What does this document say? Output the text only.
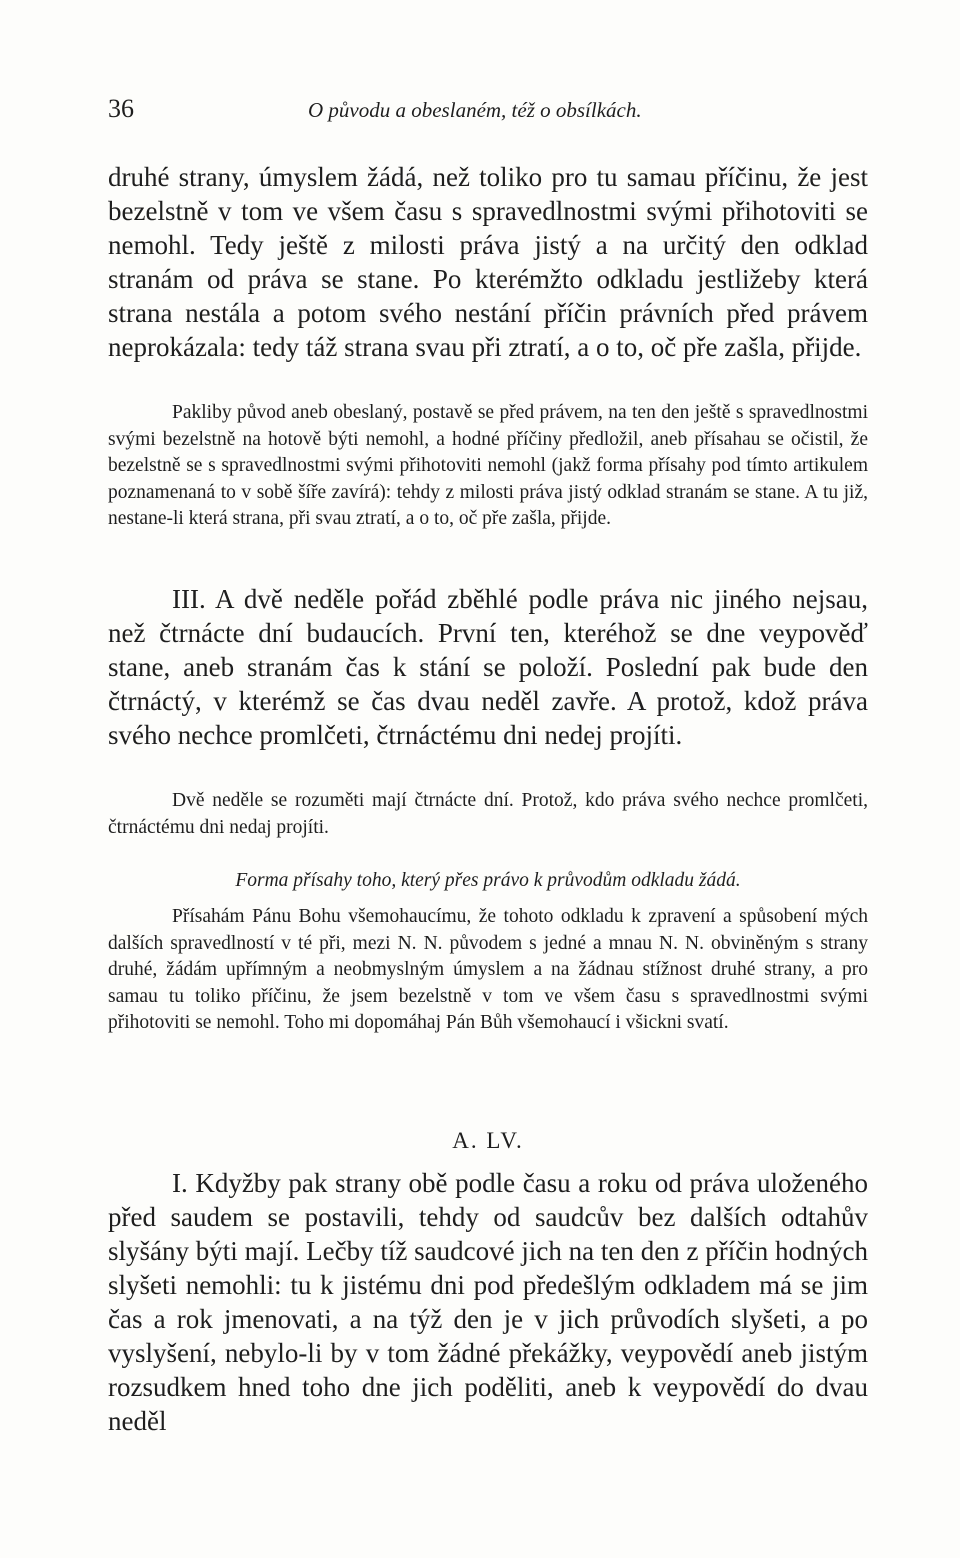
36	O původu a obeslaném, též o obsílkách.

druhé strany, úmyslem žádá, než toliko pro tu samau příčinu, že jest bezelstně v tom ve všem času s spravedlnostmi svými přihotoviti se nemohl. Tedy ještě z milosti práva jistý a na určitý den odklad stranám od práva se stane. Po kterémžto odkladu jestližeby která strana nestála a potom svého nestání příčin právních před právem neprokázala: tedy táž strana svau při ztratí, a o to, oč pře zašla, přijde.

Pakliby původ aneb obeslaný, postavě se před právem, na ten den ještě s spravedlnostmi svými bezelstně na hotově býti nemohl, a hodné příčiny předložil, aneb přísahau se očistil, že bezelstně se s spravedlnostmi svými přihotoviti nemohl (jakž forma přísahy pod tímto artikulem poznamenaná to v sobě šíře zavírá): tehdy z milosti práva jistý odklad stranám se stane. A tu již, nestane-li která strana, při svau ztratí, a o to, oč pře zašla, přijde.

III. A dvě neděle pořád zběhlé podle práva nic jiného nejsau, než čtrnácte dní budaucích. První ten, kteréhož se dne veypověď stane, aneb stranám čas k stání se položí. Poslední pak bude den čtrnáctý, v kterémž se čas dvau neděl zavře. A protož, kdož práva svého nechce promlčeti, čtrnáctému dni nedej projíti.

Dvě neděle se rozuměti mají čtrnácte dní. Protož, kdo práva svého nechce promlčeti, čtrnáctému dni nedaj projíti.

Forma přísahy toho, který přes právo k průvodům odkladu žádá.

Přísahám Pánu Bohu všemohaucímu, že tohoto odkladu k zpravení a spůsobení mých dalších spravedlností v té při, mezi N. N. původem s jedné a mnau N. N. obviněným s strany druhé, žádám upřímným a neobmyslným úmyslem a na žádnau stížnost druhé strany, a pro samau tu toliko příčinu, že jsem bezelstně v tom ve všem času s spravedlnostmi svými přihotoviti se nemohl. Toho mi dopomáhaj Pán Bůh všemohaucí i všickni svatí.

A. LV.

I. Kdyžby pak strany obě podle času a roku od práva uloženého před saudem se postavili, tehdy od saudcův bez dalších odtahův slyšány býti mají. Lečby tíž saudcové jich na ten den z příčin hodných slyšeti nemohli: tu k jistému dni pod předešlým odkladem má se jim čas a rok jmenovati, a na týž den je v jich průvodích slyšeti, a po vyslyšení, nebylo-li by v tom žádné překážky, veypovědí aneb jistým rozsudkem hned toho dne jich poděliti, aneb k veypovědí do dvau neděl
